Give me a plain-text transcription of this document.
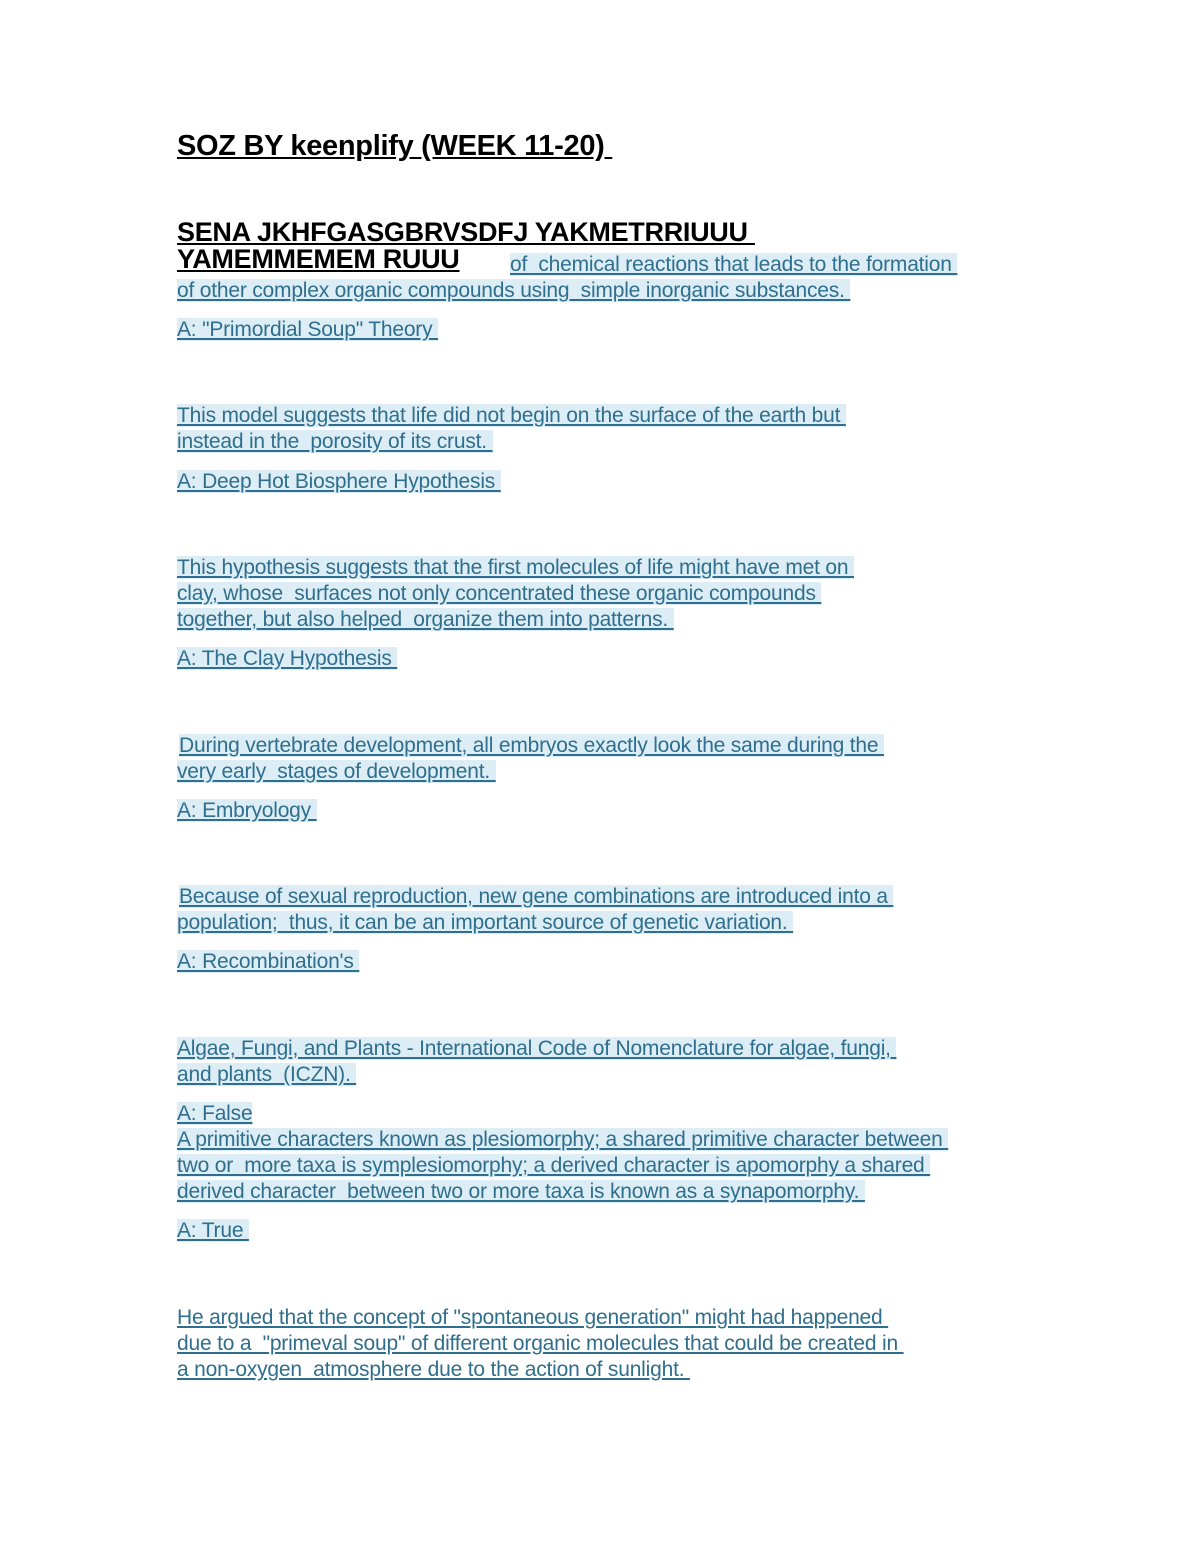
SOZ BY keenplify (WEEK 11-20)
SENA JKHFGASGBRVSDFJ YAKMETRRIUUU
YAMEMMEMEM RUUU of  chemical reactions that leads to the formation
of other complex organic compounds using  simple inorganic substances.
A: "Primordial Soup" Theory
This model suggests that life did not begin on the surface of the earth but
instead in the  porosity of its crust.
A: Deep Hot Biosphere Hypothesis
This hypothesis suggests that the first molecules of life might have met on
clay, whose  surfaces not only concentrated these organic compounds
together, but also helped  organize them into patterns.
A: The Clay Hypothesis
During vertebrate development, all embryos exactly look the same during the
very early  stages of development.
A: Embryology
Because of sexual reproduction, new gene combinations are introduced into a
population;  thus, it can be an important source of genetic variation.
A: Recombination's
Algae, Fungi, and Plants - International Code of Nomenclature for algae, fungi,
and plants  (ICZN).
A: False
A primitive characters known as plesiomorphy; a shared primitive character between
two or  more taxa is symplesiomorphy; a derived character is apomorphy a shared
derived character  between two or more taxa is known as a synapomorphy.
A: True
He argued that the concept of "spontaneous generation" might had happened
due to a  "primeval soup" of different organic molecules that could be created in
a non-oxygen  atmosphere due to the action of sunlight.
